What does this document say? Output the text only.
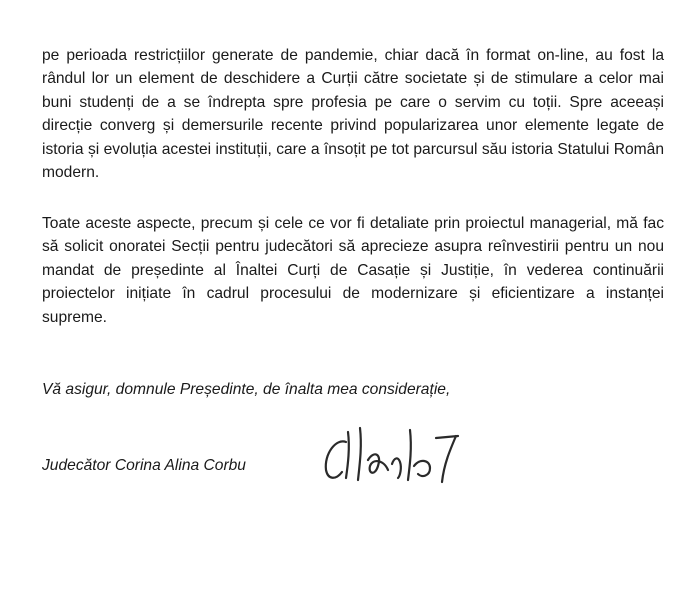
pe perioada restricțiilor generate de pandemie, chiar dacă în format on-line, au fost la rândul lor un element de deschidere a Curții către societate și de stimulare a celor mai buni studenți de a se îndrepta spre profesia pe care o servim cu toții. Spre aceeași direcție converg și demersurile recente privind popularizarea unor elemente legate de istoria și evoluția acestei instituții, care a însoțit pe tot parcursul său istoria Statului Român modern.

Toate aceste aspecte, precum și cele ce vor fi detaliate prin proiectul managerial, mă fac să solicit onoratei Secții pentru judecători să aprecieze asupra reînvestirii pentru un nou mandat de președinte al Înaltei Curți de Casație și Justiție, în vederea continuării proiectelor inițiate în cadrul procesului de modernizare și eficientizare a instanței supreme.

Vă asigur, domnule Președinte, de înalta mea considerație,

Judecător Corina Alina Corbu
